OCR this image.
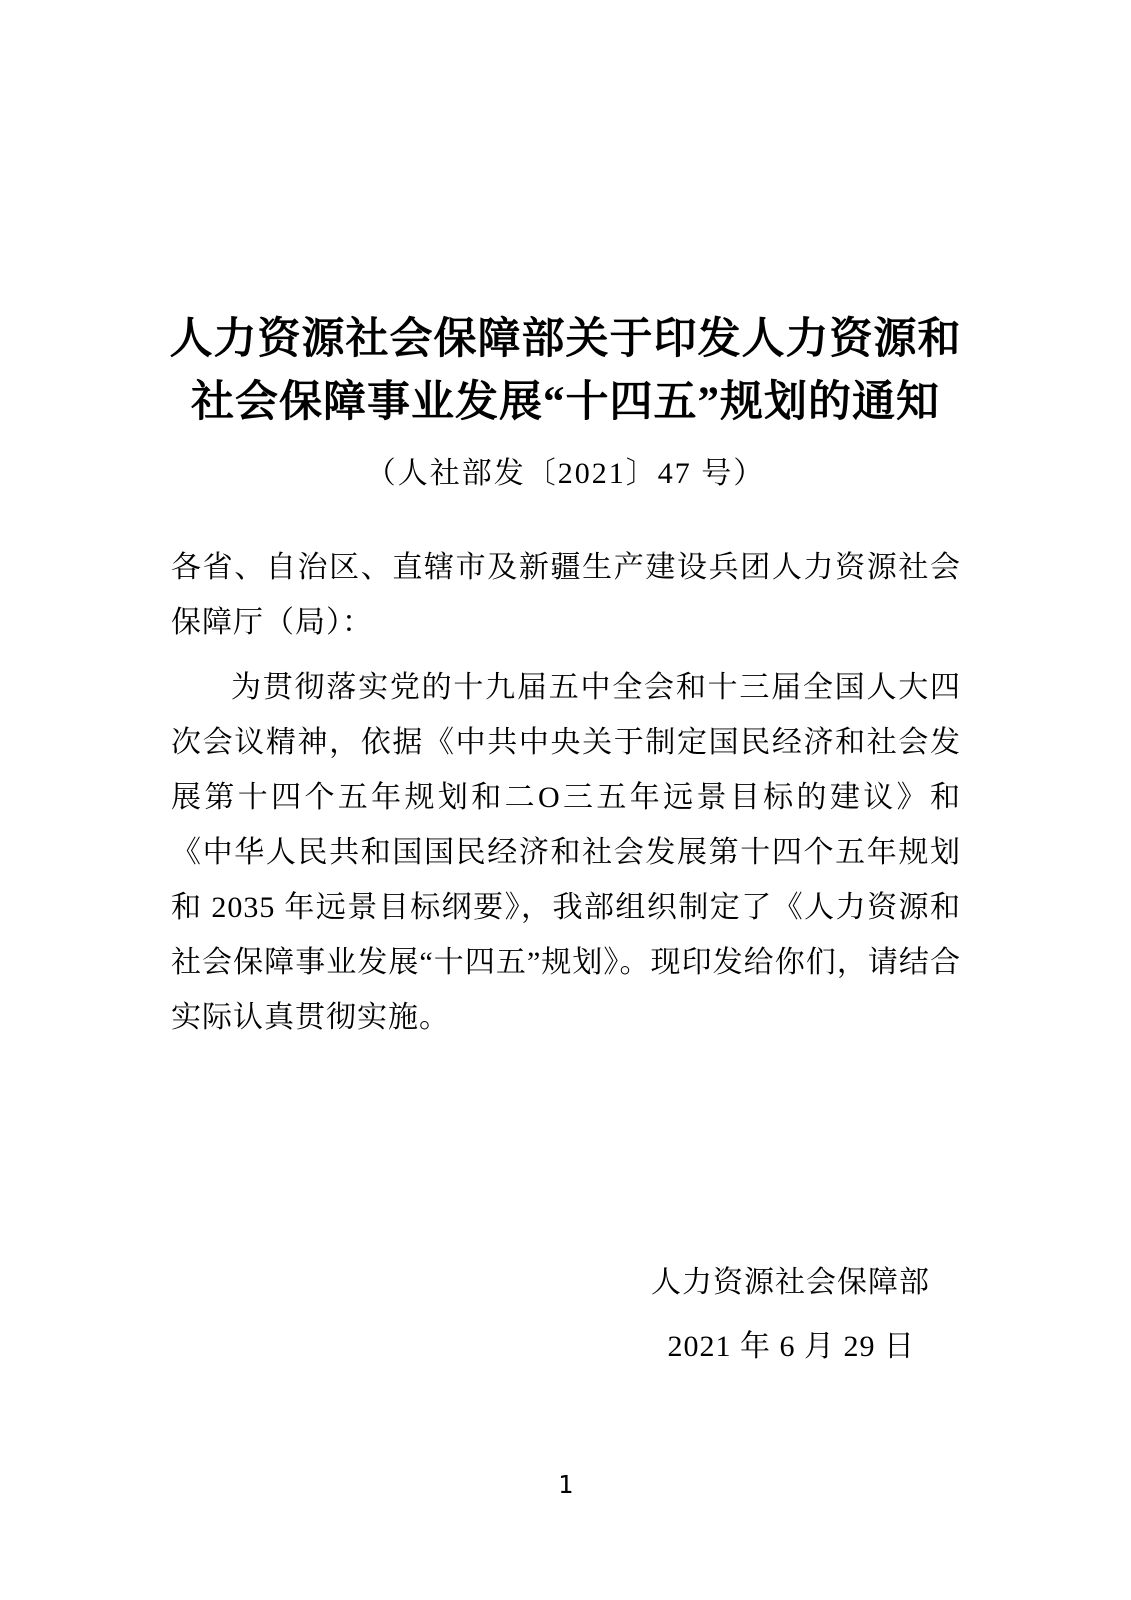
人力资源社会保障部关于印发人力资源和
社会保障事业发展“十四五”规划的通知
（人社部发〔2021〕47 号）

各省、自治区、直辖市及新疆生产建设兵团人力资源社会保障厅（局）：

为贯彻落实党的十九届五中全会和十三届全国人大四次会议精神，依据《中共中央关于制定国民经济和社会发展第十四个五年规划和二O三五年远景目标的建议》和《中华人民共和国国民经济和社会发展第十四个五年规划和 2035 年远景目标纲要》，我部组织制定了《人力资源和社会保障事业发展“十四五”规划》。现印发给你们，请结合实际认真贯彻实施。

人力资源社会保障部
2021 年 6 月 29 日
1
